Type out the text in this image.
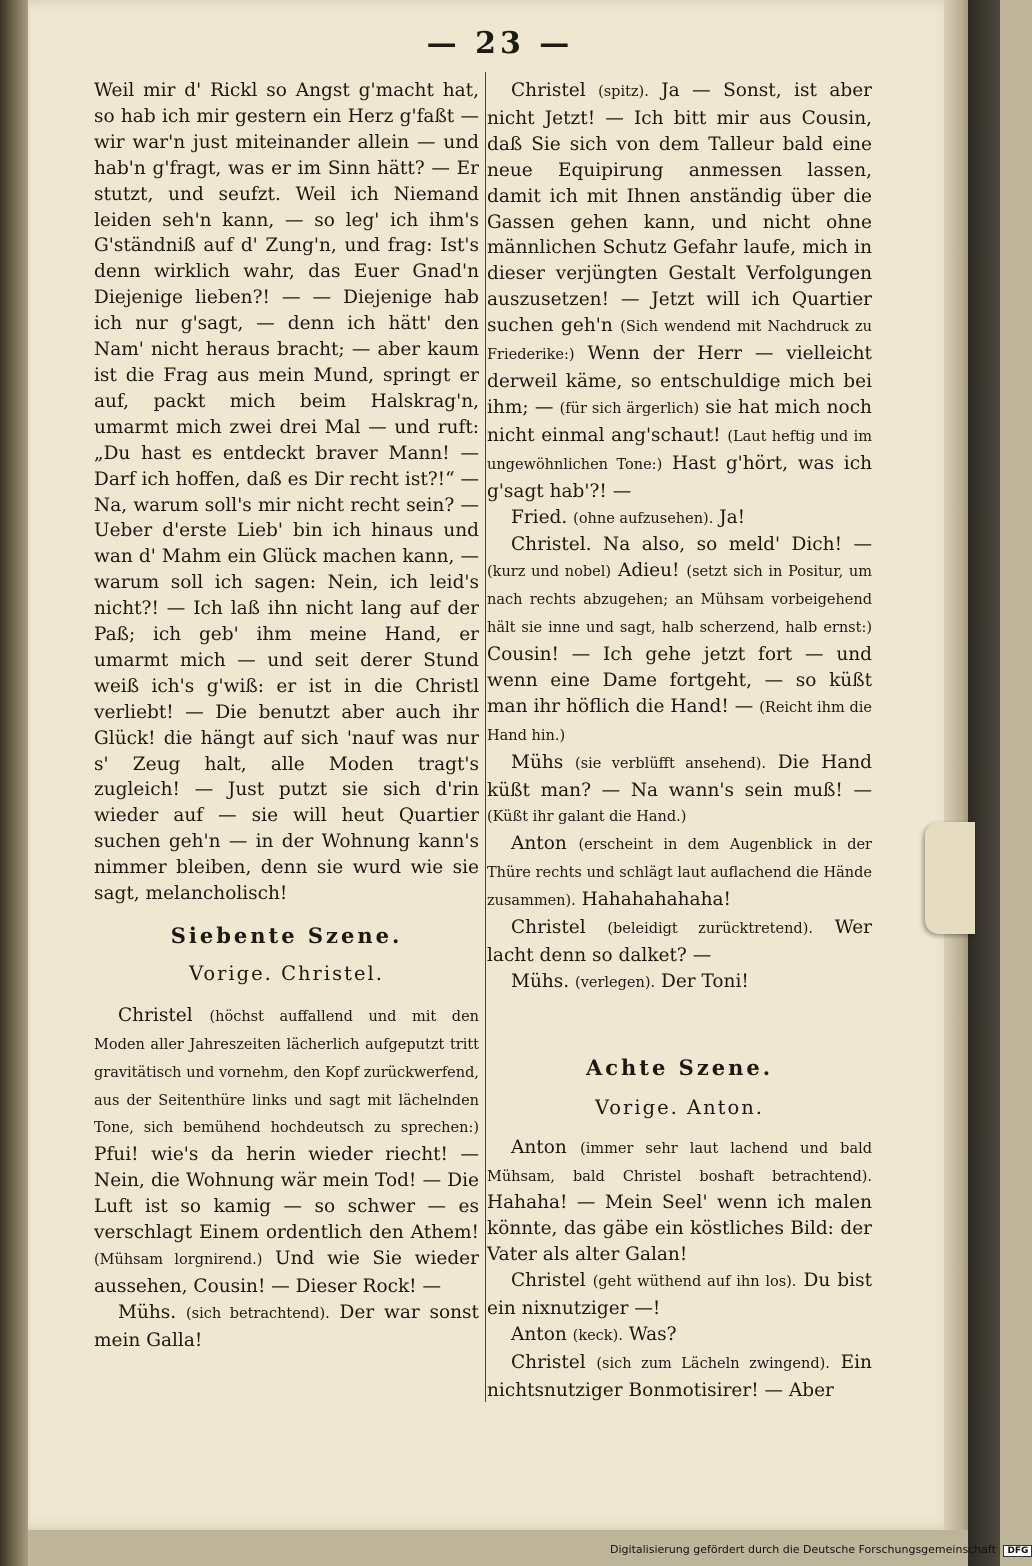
— 23 —

Weil mir d' Rickl so Angst g'macht hat, so hab ich mir gestern ein Herz g'faßt — wir war'n just miteinander allein — und hab'n g'fragt, was er im Sinn hätt? — Er stutzt, und seufzt. Weil ich Niemand leiden seh'n kann, — so leg' ich ihm's G'ständniß auf d' Zung'n, und frag: Ist's denn wirklich wahr, das Euer Gnad'n Diejenige lieben?! — — Diejenige hab ich nur g'sagt, — denn ich hätt' den Nam' nicht heraus bracht; — aber kaum ist die Frag aus mein Mund, springt er auf, packt mich beim Halskrag'n, umarmt mich zwei drei Mal — und ruft: „Du hast es entdeckt braver Mann! — Darf ich hoffen, daß es Dir recht ist?!“ — Na, warum soll's mir nicht recht sein? — Ueber d'erste Lieb' bin ich hinaus und wan d' Mahm ein Glück machen kann, — warum soll ich sagen: Nein, ich leid's nicht?! — Ich laß ihn nicht lang auf der Paß; ich geb' ihm meine Hand, er umarmt mich — und seit derer Stund weiß ich's g'wiß: er ist in die Christl verliebt! — Die benutzt aber auch ihr Glück! die hängt auf sich 'nauf was nur s' Zeug halt, alle Moden tragt's zugleich! — Just putzt sie sich d'rin wieder auf — sie will heut Quartier suchen geh'n — in der Wohnung kann's nimmer bleiben, denn sie wurd wie sie sagt, melancholisch!

Siebente Szene.

Vorige. Christel.

Christel (höchst auffallend und mit den Moden aller Jahreszeiten lächerlich aufgeputzt tritt gravitätisch und vornehm, den Kopf zurückwerfend, aus der Seitenthüre links und sagt mit lächelnden Tone, sich bemühend hochdeutsch zu sprechen:) Pfui! wie's da herin wieder riecht! — Nein, die Wohnung wär mein Tod! — Die Luft ist so kamig — so schwer — es verschlagt Einem ordentlich den Athem! (Mühsam lorgnirend.) Und wie Sie wieder aussehen, Cousin! — Dieser Rock! —

Mühs. (sich betrachtend). Der war sonst mein Galla!

Christel (spitz). Ja — Sonst, ist aber nicht Jetzt! — Ich bitt mir aus Cousin, daß Sie sich von dem Talleur bald eine neue Equipirung anmessen lassen, damit ich mit Ihnen anständig über die Gassen gehen kann, und nicht ohne männlichen Schutz Gefahr laufe, mich in dieser verjüngten Gestalt Verfolgungen auszusetzen! — Jetzt will ich Quartier suchen geh'n (Sich wendend mit Nachdruck zu Friederike:) Wenn der Herr — vielleicht derweil käme, so entschuldige mich bei ihm; — (für sich ärgerlich) sie hat mich noch nicht einmal ang'schaut! (Laut heftig und im ungewöhnlichen Tone:) Hast g'hört, was ich g'sagt hab'?! —

Fried. (ohne aufzusehen). Ja!

Christel. Na also, so meld' Dich! — (kurz und nobel) Adieu! (setzt sich in Positur, um nach rechts abzugehen; an Mühsam vorbeigehend hält sie inne und sagt, halb scherzend, halb ernst:) Cousin! — Ich gehe jetzt fort — und wenn eine Dame fortgeht, — so küßt man ihr höflich die Hand! — (Reicht ihm die Hand hin.)

Mühs (sie verblüfft ansehend). Die Hand küßt man? — Na wann's sein muß! — (Küßt ihr galant die Hand.)

Anton (erscheint in dem Augenblick in der Thüre rechts und schlägt laut auflachend die Hände zusammen). Hahahahahaha!

Christel (beleidigt zurücktretend). Wer lacht denn so dalket? —

Mühs. (verlegen). Der Toni!

Achte Szene.

Vorige. Anton.

Anton (immer sehr laut lachend und bald Mühsam, bald Christel boshaft betrachtend). Hahaha! — Mein Seel' wenn ich malen könnte, das gäbe ein köstliches Bild: der Vater als alter Galan!

Christel (geht wüthend auf ihn los). Du bist ein nixnutziger —!

Anton (keck). Was?

Christel (sich zum Lächeln zwingend). Ein nichtsnutziger Bonmotisirer! — Aber

Digitalisierung gefördert durch die Deutsche Forschungsgemeinschaft DFG
